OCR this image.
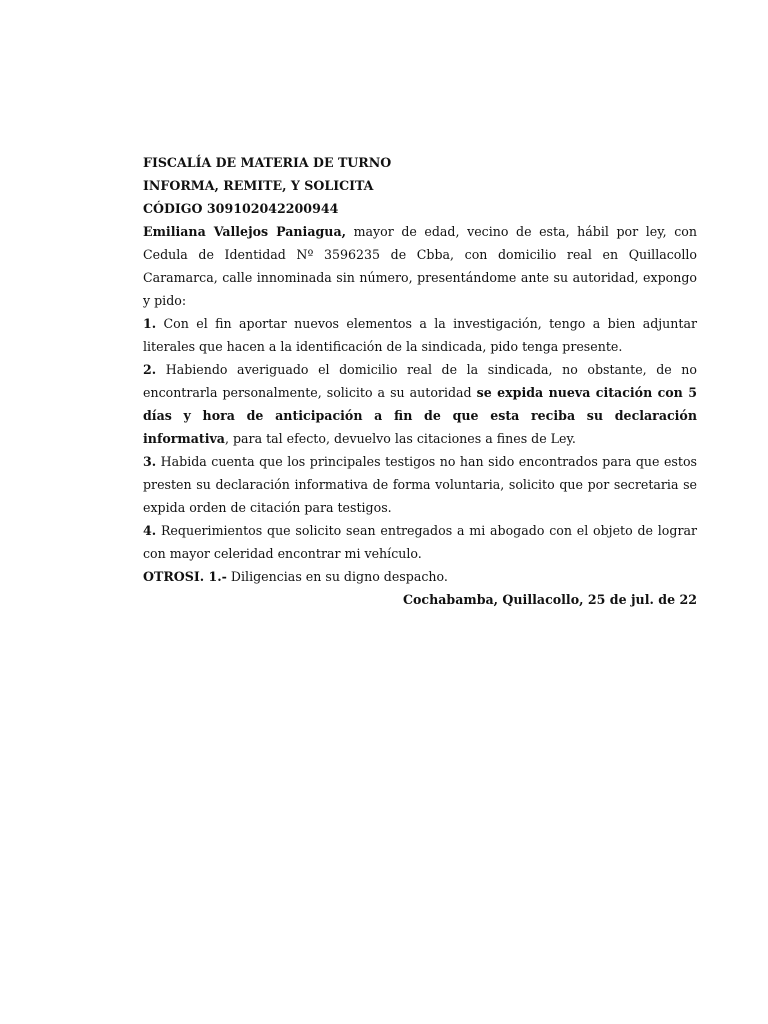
FISCALÍA DE MATERIA DE TURNO

INFORMA, REMITE, Y SOLICITA

CÓDIGO 309102042200944

Emiliana Vallejos Paniagua, mayor de edad, vecino de esta, hábil por ley, con Cedula de Identidad Nº 3596235 de Cbba, con domicilio real en Quillacollo Caramarca, calle innominada sin número, presentándome ante su autoridad, expongo y pido:

1. Con el fin aportar nuevos elementos a la investigación, tengo a bien adjuntar literales que hacen a la identificación de la sindicada, pido tenga presente.

2. Habiendo averiguado el domicilio real de la sindicada, no obstante, de no encontrarla personalmente, solicito a su autoridad se expida nueva citación con 5 días y hora de anticipación a fin de que esta reciba su declaración informativa, para tal efecto, devuelvo las citaciones a fines de Ley.

3. Habida cuenta que los principales testigos no han sido encontrados para que estos presten su declaración informativa de forma voluntaria, solicito que por secretaria se expida orden de citación para testigos.

4. Requerimientos que solicito sean entregados a mi abogado con el objeto de lograr con mayor celeridad encontrar mi vehículo.

OTROSI. 1.- Diligencias en su digno despacho.

Cochabamba, Quillacollo, 25 de jul. de 22
